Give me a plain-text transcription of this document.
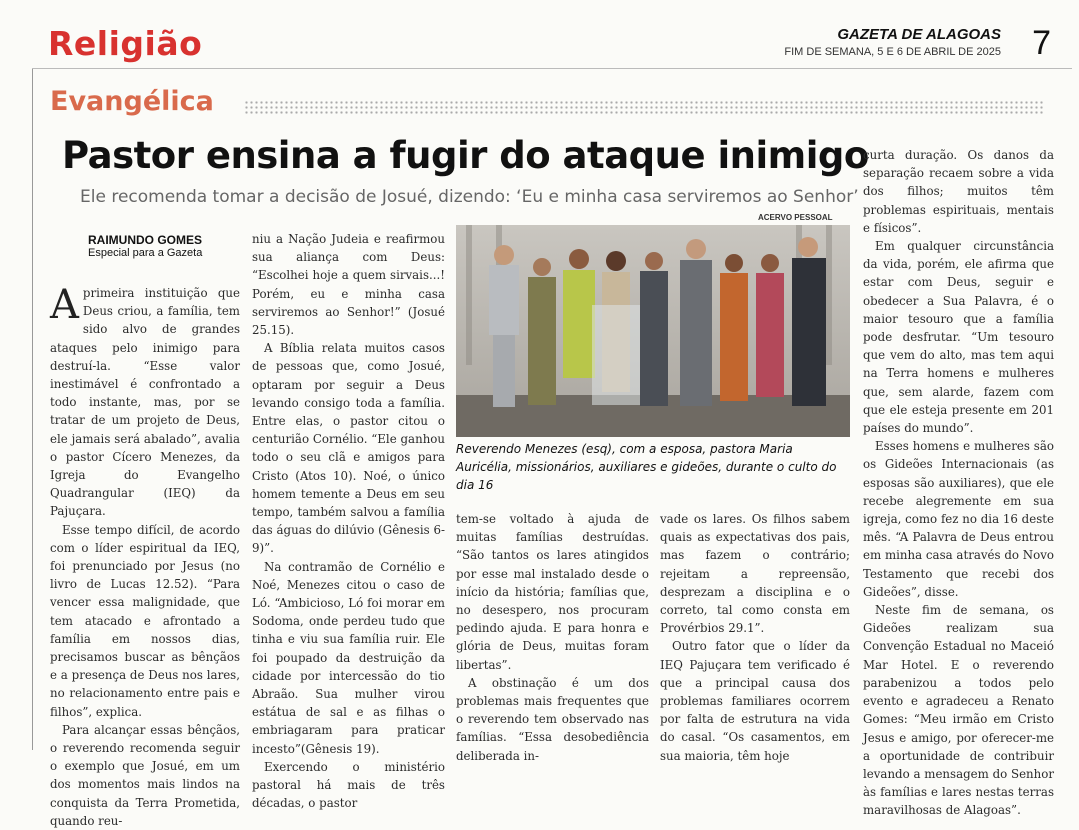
Religião	GAZETA DE ALAGOAS
FIM DE SEMANA, 5 E 6 DE ABRIL DE 2025 7
Evangélica
Pastor ensina a fugir do ataque inimigo
Ele recomenda tomar a decisão de Josué, dizendo: ‘Eu e minha casa serviremos ao Senhor’
RAIMUNDO GOMES
Especial para a Gazeta

Aprimeira instituição que Deus criou, a família, tem sido alvo de grandes ataques pelo inimigo para destruí-la. “Esse valor inestimável é confrontado a todo instante, mas, por se tratar de um projeto de Deus, ele jamais será abalado”, avalia o pastor Cícero Menezes, da Igreja do Evangelho Quadrangular (IEQ) da Pajuçara.

Esse tempo difícil, de acordo com o líder espiritual da IEQ, foi prenunciado por Jesus (no livro de Lucas 12.52). “Para vencer essa malignidade, que tem atacado e afrontado a família em nossos dias, precisamos buscar as bênçãos e a presença de Deus nos lares, no relacionamento entre pais e filhos”, explica.

Para alcançar essas bênçãos, o reverendo recomenda seguir o exemplo que Josué, em um dos momentos mais lindos na conquista da Terra Prometida, quando reu-

niu a Nação Judeia e reafirmou sua aliança com Deus: “Escolhei hoje a quem sirvais...! Porém, eu e minha casa serviremos ao Senhor!” (Josué 25.15).

A Bíblia relata muitos casos de pessoas que, como Josué, optaram por seguir a Deus levando consigo toda a família. Entre elas, o pastor citou o centurião Cornélio. “Ele ganhou todo o seu clã e amigos para Cristo (Atos 10). Noé, o único homem temente a Deus em seu tempo, também salvou a família das águas do dilúvio (Gênesis 6-9)”.

Na contramão de Cornélio e Noé, Menezes citou o caso de Ló. “Ambicioso, Ló foi morar em Sodoma, onde perdeu tudo que tinha e viu sua família ruir. Ele foi poupado da destruição da cidade por intercessão do tio Abraão. Sua mulher virou estátua de sal e as filhas o embriagaram para praticar incesto”(Gênesis 19).

Exercendo o ministério pastoral há mais de três décadas, o pastor

ACERVO PESSOAL
Reverendo Menezes (esq), com a esposa, pastora Maria Auricélia, missionários, auxiliares e gideões, durante o culto do dia 16

tem-se voltado à ajuda de muitas famílias destruídas. “São tantos os lares atingidos por esse mal instalado desde o início da história; famílias que, no desespero, nos procuram pedindo ajuda. E para honra e glória de Deus, muitas foram libertas”.

A obstinação é um dos problemas mais frequentes que o reverendo tem observado nas famílias. “Essa desobediência deliberada in-

vade os lares. Os filhos sabem quais as expectativas dos pais, mas fazem o contrário; rejeitam a repreensão, desprezam a disciplina e o correto, tal como consta em Provérbios 29.1”.

Outro fator que o líder da IEQ Pajuçara tem verificado é que a principal causa dos problemas familiares ocorrem por falta de estrutura na vida do casal. “Os casamentos, em sua maioria, têm hoje

curta duração. Os danos da separação recaem sobre a vida dos filhos; muitos têm problemas espirituais, mentais e físicos”.

Em qualquer circunstância da vida, porém, ele afirma que estar com Deus, seguir e obedecer a Sua Palavra, é o maior tesouro que a família pode desfrutar. “Um tesouro que vem do alto, mas tem aqui na Terra homens e mulheres que, sem alarde, fazem com que ele esteja presente em 201 países do mundo”.

Esses homens e mulheres são os Gideões Internacionais (as esposas são auxiliares), que ele recebe alegremente em sua igreja, como fez no dia 16 deste mês. “A Palavra de Deus entrou em minha casa através do Novo Testamento que recebi dos Gideões”, disse.

Neste fim de semana, os Gideões realizam sua Convenção Estadual no Maceió Mar Hotel. E o reverendo parabenizou a todos pelo evento e agradeceu a Renato Gomes: “Meu irmão em Cristo Jesus e amigo, por oferecer-me a oportunidade de contribuir levando a mensagem do Senhor às famílias e lares nestas terras maravilhosas de Alagoas”.
